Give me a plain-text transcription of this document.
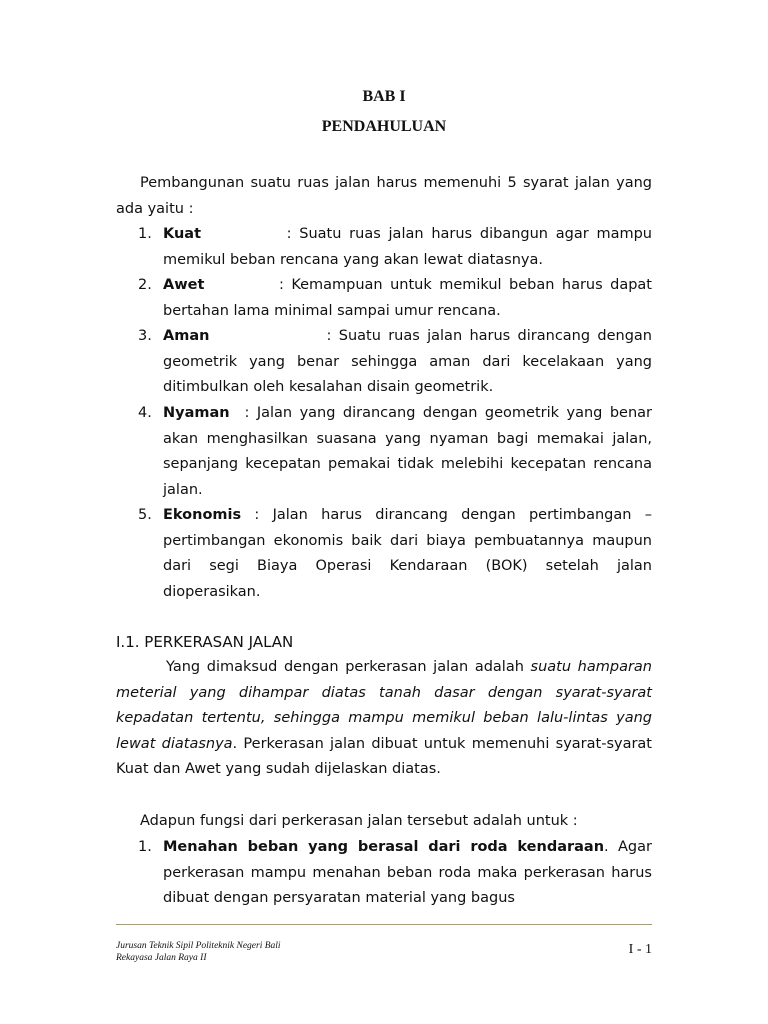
BAB I
PENDAHULUAN
Pembangunan suatu ruas jalan harus memenuhi 5 syarat jalan yang ada yaitu :
1. Kuat           : Suatu ruas jalan harus dibangun agar mampu memikul beban rencana yang akan lewat diatasnya.
2. Awet          : Kemampuan untuk memikul beban harus dapat bertahan lama minimal sampai umur rencana.
3. Aman                : Suatu ruas jalan harus dirancang dengan geometrik yang benar sehingga aman dari kecelakaan yang ditimbulkan oleh kesalahan disain geometrik.
4. Nyaman  : Jalan yang dirancang dengan geometrik yang benar akan menghasilkan suasana yang nyaman bagi memakai jalan, sepanjang kecepatan pemakai tidak melebihi kecepatan rencana jalan.
5. Ekonomis : Jalan harus dirancang dengan pertimbangan – pertimbangan ekonomis baik dari biaya pembuatannya maupun dari segi Biaya Operasi Kendaraan (BOK) setelah jalan dioperasikan.
I.1. PERKERASAN JALAN
Yang dimaksud dengan perkerasan jalan adalah suatu hamparan meterial yang dihampar diatas tanah dasar dengan syarat-syarat kepadatan tertentu, sehingga mampu memikul beban lalu-lintas yang lewat diatasnya. Perkerasan jalan dibuat untuk memenuhi syarat-syarat Kuat dan Awet yang sudah dijelaskan diatas.
Adapun fungsi dari perkerasan jalan tersebut adalah untuk :
1. Menahan beban yang berasal dari roda kendaraan. Agar perkerasan mampu menahan beban roda maka perkerasan harus dibuat dengan persyaratan material yang bagus
Jurusan Teknik Sipil Politeknik Negeri Bali
Rekayasa Jalan Raya II
I - 1
